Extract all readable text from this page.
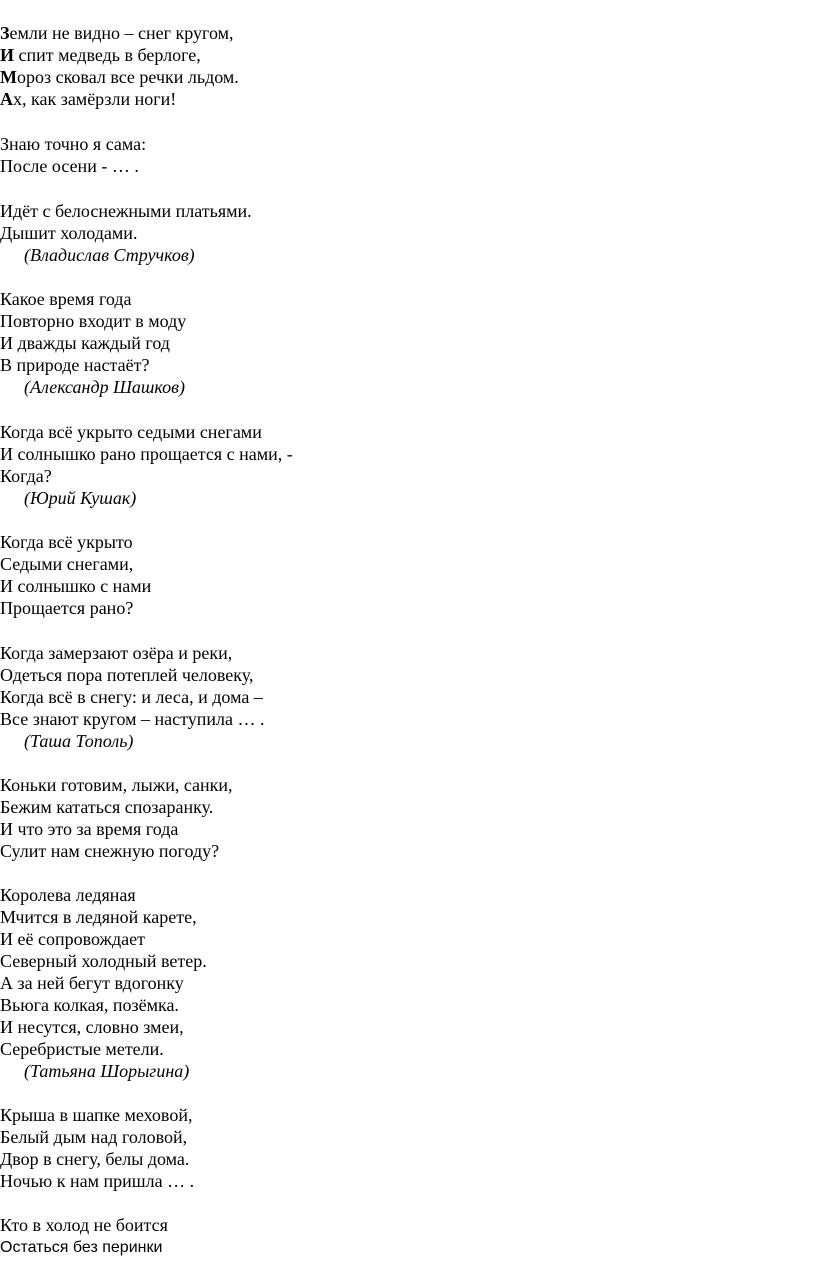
Земли не видно – снег кругом,
И спит медведь в берлоге,
Мороз сковал все речки льдом.
Ах, как замёрзли ноги!
Знаю точно я сама:
После осени - … .
Идёт с белоснежными платьями.
Дышит холодами.
(Владислав Стручков)
Какое время года
Повторно входит в моду
И дважды каждый год
В природе настаёт?
(Александр Шашков)
Когда всё укрыто седыми снегами
И солнышко рано прощается с нами, -
Когда?
(Юрий Кушак)
Когда всё укрыто
Седыми снегами,
И солнышко с нами
Прощается рано?
Когда замерзают озёра и реки,
Одеться пора потеплей человеку,
Когда всё в снегу: и леса, и дома –
Все знают кругом – наступила … .
(Таша Тополь)
Коньки готовим, лыжи, санки,
Бежим кататься спозаранку.
И что это за время года
Сулит нам снежную погоду?
Королева ледяная
Мчится в ледяной карете,
И её сопровождает
Северный холодный ветер.
А за ней бегут вдогонку
Вьюга колкая, позёмка.
И несутся, словно змеи,
Серебристые метели.
(Татьяна Шорыгина)
Крыша в шапке меховой,
Белый дым над головой,
Двор в снегу, белы дома.
Ночью к нам пришла … .
Кто в холод не боится
Остаться без перинки
